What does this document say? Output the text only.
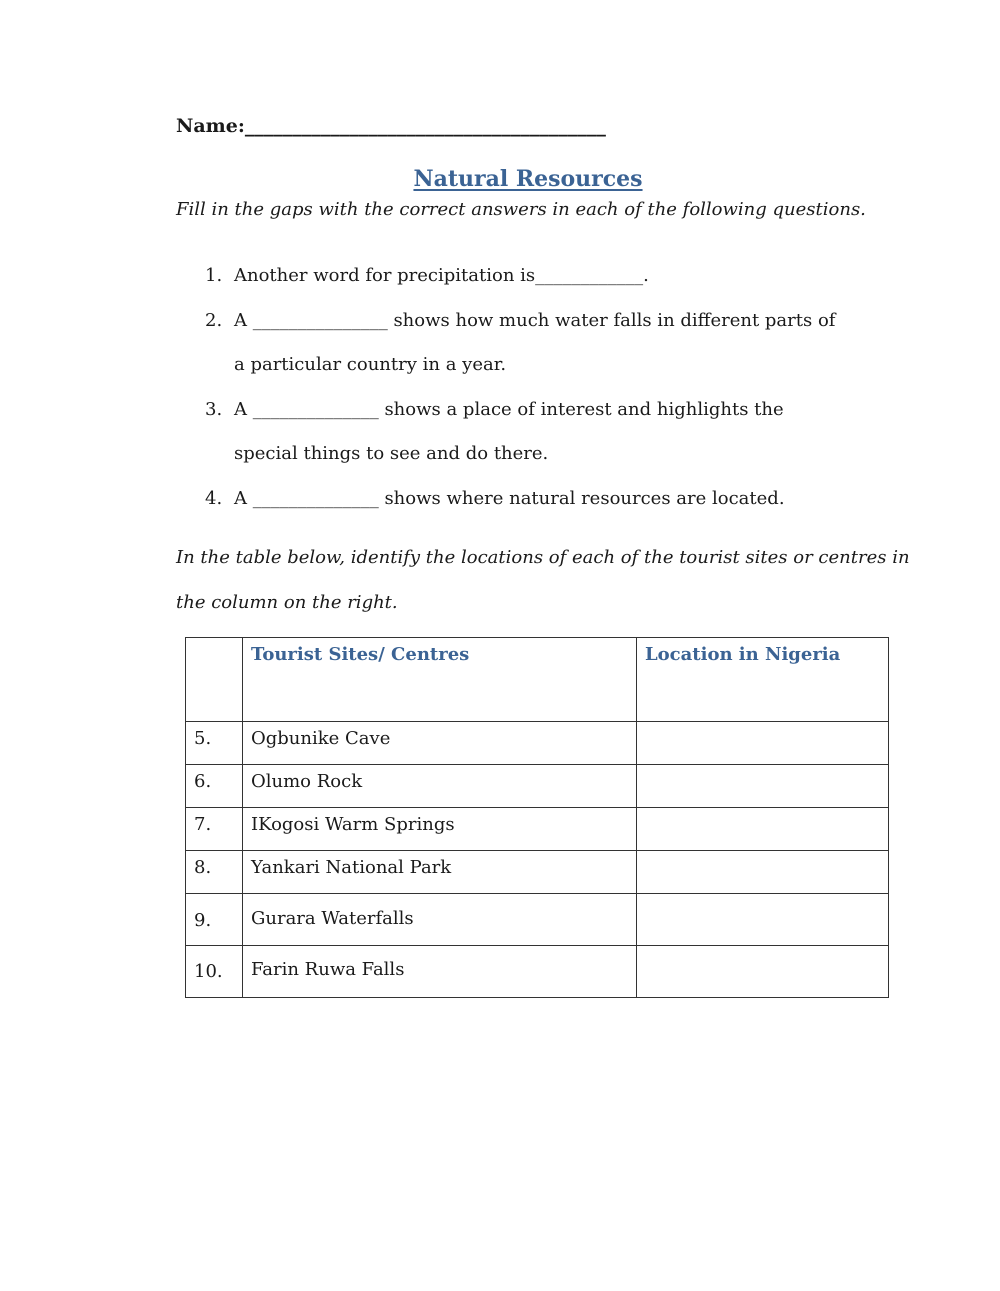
Name:______________________________________
Natural Resources
Fill in the gaps with the correct answers in each of the following questions.
1. Another word for precipitation is____________.
2. A _______________ shows how much water falls in different parts of
a particular country in a year.
3. A ______________ shows a place of interest and highlights the
special things to see and do there.
4. A ______________ shows where natural resources are located.
In the table below, identify the locations of each of the tourist sites or centres in
the column on the right.
	Tourist Sites/ Centres	Location in Nigeria
5.	Ogbunike Cave	
6.	Olumo Rock	
7.	IKogosi Warm Springs	
8.	Yankari National Park	
9.	Gurara Waterfalls	
10.	Farin Ruwa Falls	
